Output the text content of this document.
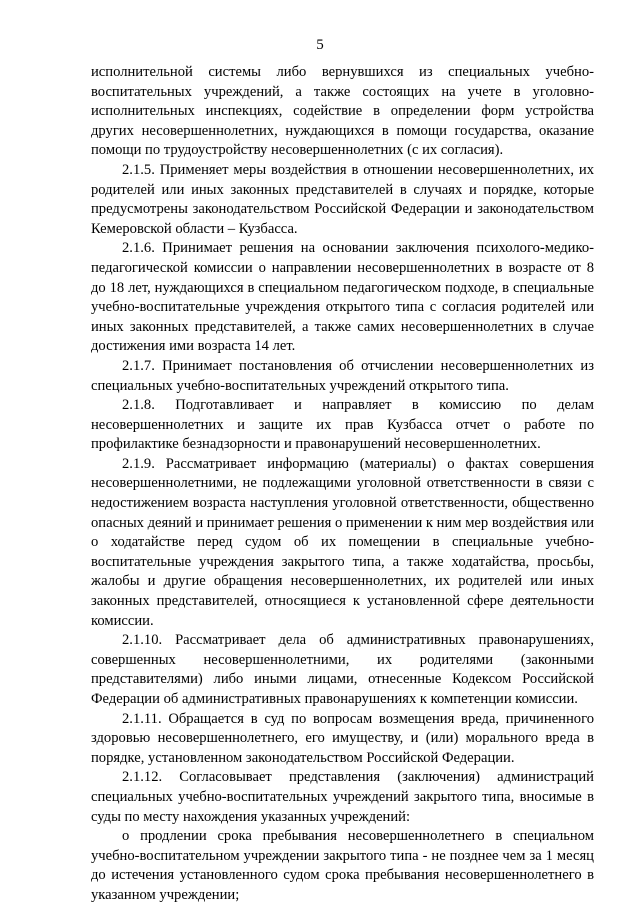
5

исполнительной системы либо вернувшихся из специальных учебно-воспитательных учреждений, а также состоящих на учете в уголовно-исполнительных инспекциях, содействие в определении форм устройства других несовершеннолетних, нуждающихся в помощи государства, оказание помощи по трудоустройству несовершеннолетних (с их согласия).

2.1.5. Применяет меры воздействия в отношении несовершеннолетних, их родителей или иных законных представителей в случаях и порядке, которые предусмотрены законодательством Российской Федерации и законодательством Кемеровской области – Кузбасса.

2.1.6. Принимает решения на основании заключения психолого-медико-педагогической комиссии о направлении несовершеннолетних в возрасте от 8 до 18 лет, нуждающихся в специальном педагогическом подходе, в специальные учебно-воспитательные учреждения открытого типа с согласия родителей или иных законных представителей, а также самих несовершеннолетних в случае достижения ими возраста 14 лет.

2.1.7. Принимает постановления об отчислении несовершеннолетних из специальных учебно-воспитательных учреждений открытого типа.

2.1.8. Подготавливает и направляет в комиссию по делам несовершеннолетних и защите их прав Кузбасса отчет о работе по профилактике безнадзорности и правонарушений несовершеннолетних.

2.1.9. Рассматривает информацию (материалы) о фактах совершения несовершеннолетними, не подлежащими уголовной ответственности в связи с недостижением возраста наступления уголовной ответственности, общественно опасных деяний и принимает решения о применении к ним мер воздействия или о ходатайстве перед судом об их помещении в специальные учебно-воспитательные учреждения закрытого типа, а также ходатайства, просьбы, жалобы и другие обращения несовершеннолетних, их родителей или иных законных представителей, относящиеся к установленной сфере деятельности комиссии.

2.1.10. Рассматривает дела об административных правонарушениях, совершенных несовершеннолетними, их родителями (законными представителями) либо иными лицами, отнесенные Кодексом Российской Федерации об административных правонарушениях к компетенции комиссии.

2.1.11. Обращается в суд по вопросам возмещения вреда, причиненного здоровью несовершеннолетнего, его имуществу, и (или) морального вреда в порядке, установленном законодательством Российской Федерации.

2.1.12. Согласовывает представления (заключения) администраций специальных учебно-воспитательных учреждений закрытого типа, вносимые в суды по месту нахождения указанных учреждений:

о продлении срока пребывания несовершеннолетнего в специальном учебно-воспитательном учреждении закрытого типа - не позднее чем за 1 месяц до истечения установленного судом срока пребывания несовершеннолетнего в указанном учреждении;
